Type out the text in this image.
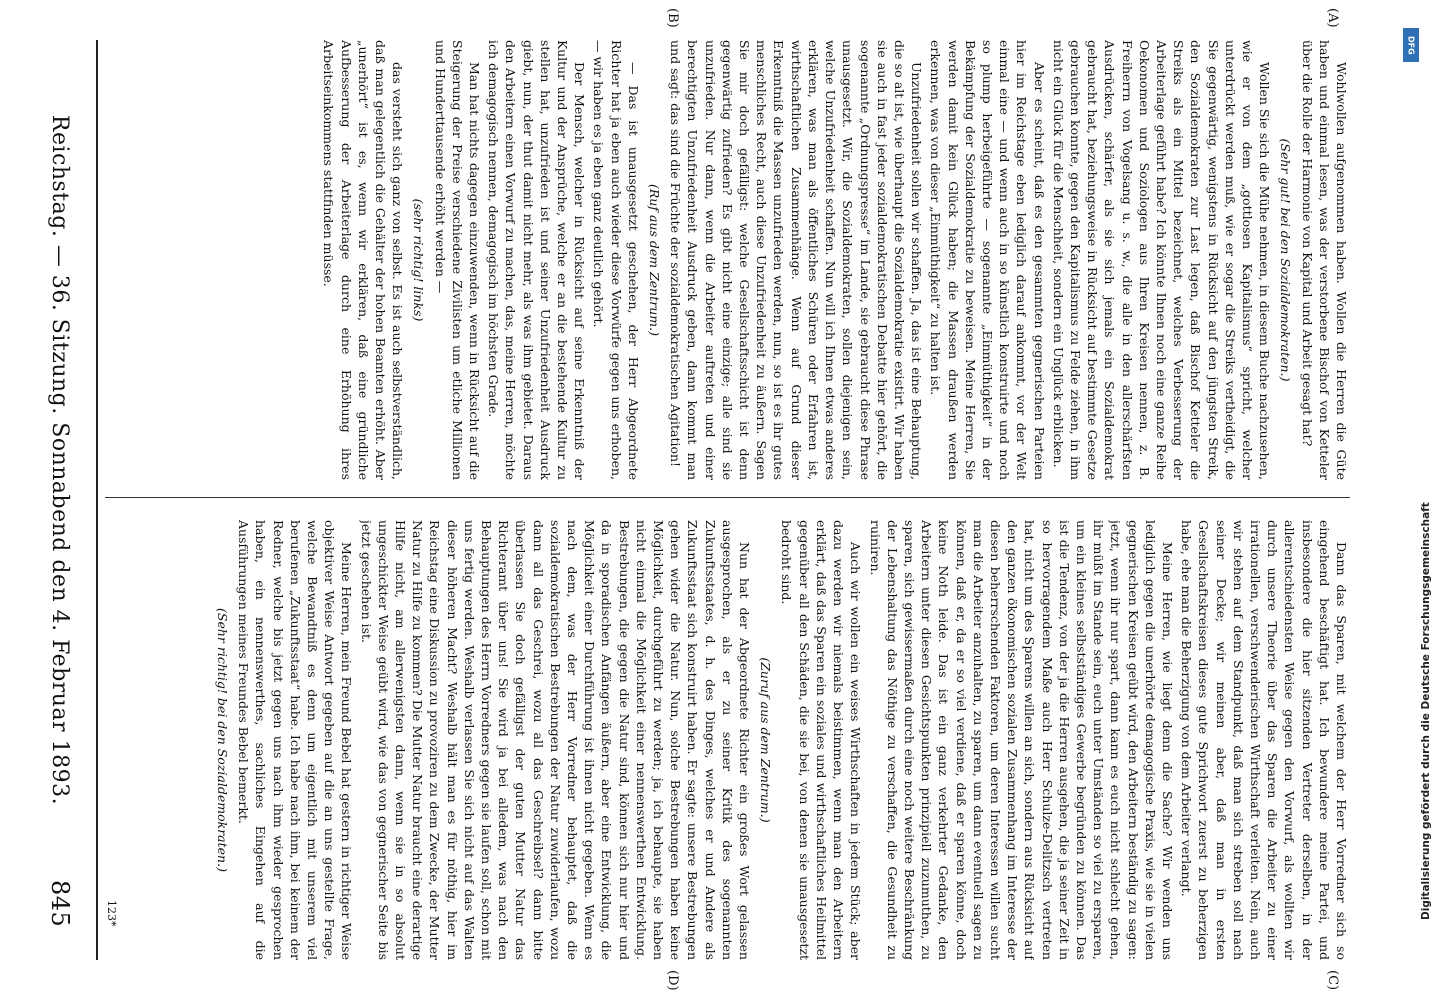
Wohlwollen aufgenommen haben. Wollen die Herren die Güte haben und einmal lesen, was der verstorbene Bischof von Ketteler über die Rolle der Harmonie von Kapital und Arbeit gesagt hat?

(Sehr gut! bei den Sozialdemokraten.)

Wollen Sie sich die Mühe nehmen, in diesem Buche nachzusehen, wie er von dem „gottlosen Kapitalismus“ spricht, welcher unterdrückt werden muß, wie er sogar die Streiks vertheidigt, die Sie gegenwärtig, wenigstens in Rücksicht auf den jüngsten Streik, den Sozialdemokraten zur Last legen, daß Bischof Ketteler die Streiks als ein Mittel bezeichnet, welches Verbesserung der Arbeiterlage geführt habe? Ich könnte Ihnen noch eine ganze Reihe Oekonomen und Soziologen aus Ihren Kreisen nennen, z. B. Freiherrn von Vogelsang u. s. w., die alle in den allerschärfsten Ausdrücken, schärfer, als sie sich jemals ein Sozialdemokrat gebraucht hat, beziehungsweise in Rücksicht auf bestimmte Gesetze gebrauchen konnte, gegen den Kapitalismus zu Felde ziehen, in ihm nicht ein Glück für die Menschheit, sondern ein Unglück erblicken.

Aber es scheint, daß es den gesammten gegnerischen Parteien hier im Reichstage eben lediglich darauf ankommt, vor der Welt einmal eine — und wenn auch in so künstlich konstruirte und noch so plump herbeigeführte — sogenannte „Einmüthigkeit“ in der Bekämpfung der Sozialdemokratie zu beweisen. Meine Herren, Sie werden damit kein Glück haben; die Massen draußen werden erkennen, was von dieser „Einmüthigkeit“ zu halten ist.

Unzufriedenheit sollen wir schaffen. Ja, das ist eine Behauptung, die so alt ist, wie überhaupt die Sozialdemokratie existirt. Wir haben sie auch in fast jeder sozialdemokratischen Debatte hier gehört, die sogenannte „Ordnungspresse“ im Lande, sie gebraucht diese Phrase unausgesetzt. Wir, die Sozialdemokraten, sollen diejenigen sein, welche Unzufriedenheit schaffen. Nun will ich Ihnen etwas anderes erklären, was man als öffentliches Schüren oder Erfahren ist, wirthschaftlichen Zusammenhänge. Wenn auf Grund dieser Erkenntniß die Massen unzufrieden werden, nun, so ist es ihr gutes menschliches Recht, auch diese Unzufriedenheit zu äußern. Sagen Sie mir doch gefälligst: welche Gesellschaftsschicht ist denn gegenwärtig zufrieden? Es gibt nicht eine einzige; alle sind sie unzufrieden. Nur dann, wenn die Arbeiter auftreten und einer berechtigten Unzufriedenheit Ausdruck geben, dann kommt man und sagt: das sind die Früchte der sozialdemokratischen Agitation!

(Ruf aus dem Zentrum.)

— Das ist unausgesetzt geschehen, der Herr Abgeordnete Richter hat ja eben auch wieder diese Vorwürfe gegen uns erhoben, — wir haben es ja eben ganz deutlich gehört.

Der Mensch, welcher in Rücksicht auf seine Erkenntniß der Kultur und der Ansprüche, welche er an die bestehende Kultur zu stellen hat, unzufrieden ist und seiner Unzufriedenheit Ausdruck giebt, nun, der thut damit nicht mehr, als was ihm gebietet. Daraus den Arbeitern einen Vorwurf zu machen, das, meine Herren, möchte ich demagogisch nennen, demagogisch im höchsten Grade.

Man hat nichts dagegen einzuwenden, wenn in Rücksicht auf die Steigerung der Preise verschiedene Zivilisten um etliche Millionen und Hunderttausende erhöht werden —

(sehr richtig! links)

das versteht sich ganz von selbst. Es ist auch selbstverständlich, daß man gelegentlich die Gehälter der hohen Beamten erhöht. Aber „unerhört“ ist es, wenn wir erklären, daß eine gründliche Aufbesserung der Arbeiterlage durch eine Erhöhung ihres Arbeitseinkommens stattfinden müsse.

Dann das Sparen, mit welchem der Herr Vorredner sich so eingehend beschäftigt hat. Ich bewundere meine Partei, und insbesondere die hier sitzenden Vertreter derselben, in der allerentschiedensten Weise gegen den Vorwurf, als wollten wir durch unsere Theorie über das Sparen die Arbeiter zu einer irrationellen, verschwenderischen Wirthschaft verleiten. Nein, auch wir stehen auf dem Standpunkt, daß man sich streben soll nach seiner Decke; wir meinen aber, daß man in ersten Gesellschaftskreisen dieses gute Sprichwort zuerst zu beherzigen habe, ehe man die Beherzigung von dem Arbeiter verlangt.

Meine Herren, wie liegt denn die Sache? Wir wenden uns lediglich gegen die unerhörte demagogische Praxis, wie sie in vielen gegnerischen Kreisen geübt wird, den Arbeitern beständig zu sagen: jetzt, wenn ihr nur spart, dann kann es euch nicht schlecht gehen, ihr müßt im Stande sein, euch unter Umständen so viel zu ersparen, um ein kleines selbstständiges Gewerbe begründen zu können. Das ist die Tendenz, von der ja die Herren ausgehen, die ja seiner Zeit in so hervorragendem Maße auch Herr Schulze-Delitzsch vertreten hat, nicht um des Sparens willen an sich, sondern aus Rücksicht auf den ganzen ökonomischen sozialen Zusammenhang im Interesse der diesen beherrschenden Faktoren, um deren Interessen willen sucht man die Arbeiter anzuhalten, zu sparen, um dann eventuell sagen zu können, daß er, da er so viel verdiene, daß er sparen könne, doch keine Noth leide. Das ist ein ganz verkehrter Gedanke, den Arbeitern unter diesen Gesichtspunkten prinzipiell zuzumuthen, zu sparen, sich gewissermaßen durch eine noch weitere Beschränkung der Lebenshaltung das Nöthige zu verschaffen, die Gesundheit zu ruiniren.

Auch wir wollen ein weises Wirthschaften in jedem Stück; aber dazu werden wir niemals beistimmen, wenn man den Arbeitern erklärt, daß das Sparen ein soziales und wirthschaftliches Heilmittel gegenüber all den Schäden, die sie bei, von denen sie unausgesetzt bedroht sind.

(Zuruf aus dem Zentrum.)

Nun hat der Abgeordnete Richter ein großes Wort gelassen ausgesprochen, als er zu seiner Kritik des sogenannten Zukunftsstaates, d. h. des Dinges, welches er und Andere als Zukunftsstaat sich konstruirt haben. Er sagte: unsere Bestrebungen gehen wider die Natur. Nun, solche Bestrebungen haben keine Möglichkeit, durchgeführt zu werden; ja, ich behaupte, sie haben nicht einmal die Möglichkeit einer nennenswerthen Entwicklung. Bestrebungen, die gegen die Natur sind, können sich nur hier und da in sporadischen Anfängen äußern, aber eine Entwicklung, die Möglichkeit einer Durchführung ist ihnen nicht gegeben. Wenn es nach dem, was der Herr Vorredner behauptet, daß die sozialdemokratischen Bestrebungen der Natur zuwiderlaufen, wozu dann all das Geschrei, wozu all das Geschreibsel? dann bitte überlassen Sie doch gefälligst der guten Mutter Natur das Richteramt über uns! Sie wird ja bei alledem, was nach den Behauptungen des Herrn Vorredners gegen sie laufen soll, schon mit uns fertig werden. Weshalb verlassen Sie sich nicht auf das Walten dieser höheren Macht? Weshalb hält man es für nöthig, hier im Reichstag eine Diskussion zu provoziren zu dem Zwecke, der Mutter Natur zu Hilfe zu kommen? Die Mutter Natur braucht eine derartige Hilfe nicht, am allerwenigsten dann, wenn sie in so absolut ungeschickter Weise geübt wird, wie das von gegnerischer Seite bis jetzt geschehen ist.

Meine Herren, mein Freund Bebel hat gestern in richtiger Weise objektiver Weise Antwort gegeben auf die an uns gestellte Frage, welche Bewandtniß es denn um eigentlich mit unserem viel berufenen „Zukunftsstaat“ habe. Ich habe nach ihm, bei keinem der Redner, welche bis jetzt gegen uns nach ihm wieder gesprochen haben, ein nennenswerthes, sachliches Eingehen auf die Ausführungen meines Freundes Bebel bemerkt.

(Sehr richtig! bei den Sozialdemokraten.)

(A)
(B)
(C)
(D)
123*
Reichstag. — 36. Sitzung. Sonnabend den 4. Februar 1893.
845
DFG
Digitalisierung gefördert durch die Deutsche Forschungsgemeinschaft
